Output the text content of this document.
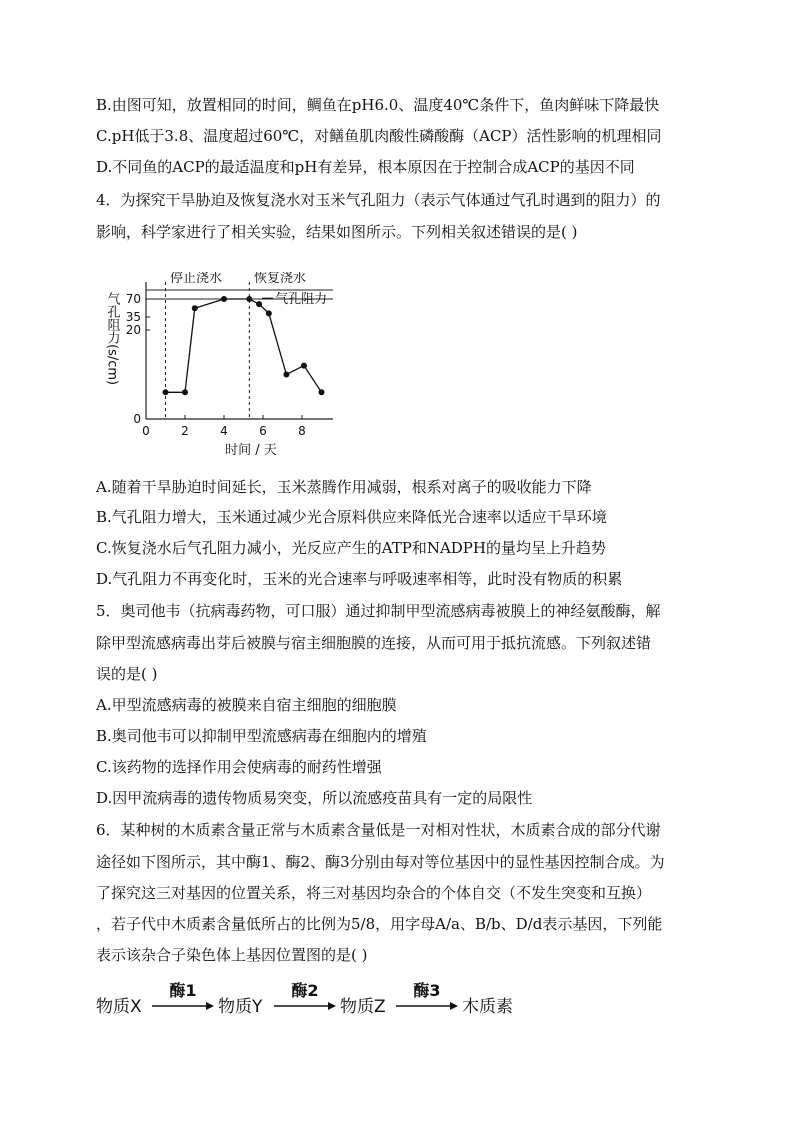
B.由图可知，放置相同的时间，鲷鱼在pH6.0、温度40℃条件下，鱼肉鲜味下降最快
C.pH低于3.8、温度超过60℃，对鳝鱼肌肉酸性磷酸酶（ACP）活性影响的机理相同
D.不同鱼的ACP的最适温度和pH有差异，根本原因在于控制合成ACP的基因不同
4．为探究干旱胁迫及恢复浇水对玉米气孔阻力（表示气体通过气孔时遇到的阻力）的
影响，科学家进行了相关实验，结果如图所示。下列相关叙述错误的是( )
停止浇水 恢复浇水
0
20
35
70
0	2	4	6	8
气孔阻力(s/cm)
时间 / 天
气孔阻力
A.随着干旱胁迫时间延长，玉米蒸腾作用减弱，根系对离子的吸收能力下降
B.气孔阻力增大，玉米通过减少光合原料供应来降低光合速率以适应干旱环境
C.恢复浇水后气孔阻力减小，光反应产生的ATP和NADPH的量均呈上升趋势
D.气孔阻力不再变化时，玉米的光合速率与呼吸速率相等，此时没有物质的积累
5．奥司他韦（抗病毒药物，可口服）通过抑制甲型流感病毒被膜上的神经氨酸酶，解
除甲型流感病毒出芽后被膜与宿主细胞膜的连接，从而可用于抵抗流感。下列叙述错
误的是( )
A.甲型流感病毒的被膜来自宿主细胞的细胞膜
B.奥司他韦可以抑制甲型流感病毒在细胞内的增殖
C.该药物的选择作用会使病毒的耐药性增强
D.因甲流病毒的遗传物质易突变，所以流感疫苗具有一定的局限性
6．某种树的木质素含量正常与木质素含量低是一对相对性状，木质素合成的部分代谢
途径如下图所示，其中酶1、酶2、酶3分别由每对等位基因中的显性基因控制合成。为
了探究这三对基因的位置关系，将三对基因均杂合的个体自交（不发生突变和互换）
，若子代中木质素含量低所占的比例为5/8，用字母A/a、B/b、D/d表示基因，下列能
表示该杂合子染色体上基因位置图的是( )
物质X	物质Y	物质Z	木质素
酶1	酶2	酶3
